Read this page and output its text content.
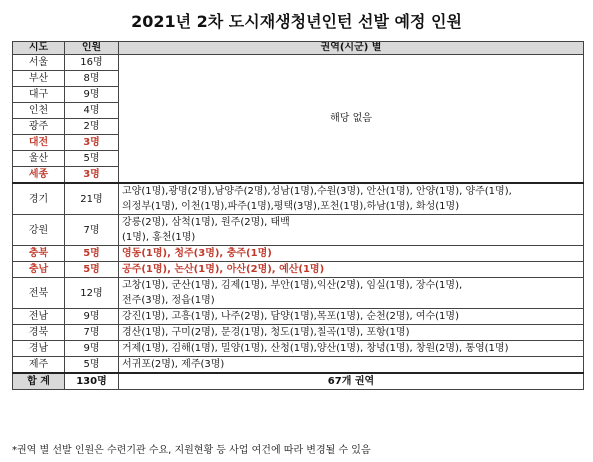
2021년 2차 도시재생청년인턴 선발 예정 인원
시도	인원	권역(시군) 별
서울	16명	해당 없음
부산	8명	
대구	9명	
인천	4명	
광주	2명	
대전	3명	
울산	5명	
세종	3명	
경기	21명	고양(1명),광명(2명),남양주(2명),성남(1명),수원(3명), 안산(1명), 안양(1명), 양주(1명),
의정부(1명), 이천(1명),파주(1명),평택(3명),포천(1명),하남(1명), 화성(1명)

강원	7명	강릉(2명), 삼척(1명), 원주(2명), 태백
(1명), 홍천(1명)

충북	5명	영동(1명), 청주(3명), 충주(1명)

충남	5명	공주(1명), 논산(1명), 아산(2명), 예산(1명)

전북	12명	고창(1명), 군산(1명), 김제(1명), 부안(1명),익산(2명), 임실(1명), 장수(1명),
전주(3명), 정읍(1명)

전남	9명	강진(1명), 고흥(1명), 나주(2명), 담양(1명),목포(1명), 순천(2명), 여수(1명)

경북	7명	경산(1명), 구미(2명), 문경(1명), 청도(1명),칠곡(1명), 포항(1명)

경남	9명	거제(1명), 김해(1명), 밀양(1명), 산청(1명),양산(1명), 창녕(1명), 창원(2명), 통영(1명)

제주	5명	서귀포(2명), 제주(3명)

합 계	130명	67개 권역
*권역 별 선발 인원은 수련기관 수요, 지원현황 등 사업 여건에 따라 변경될 수 있음
